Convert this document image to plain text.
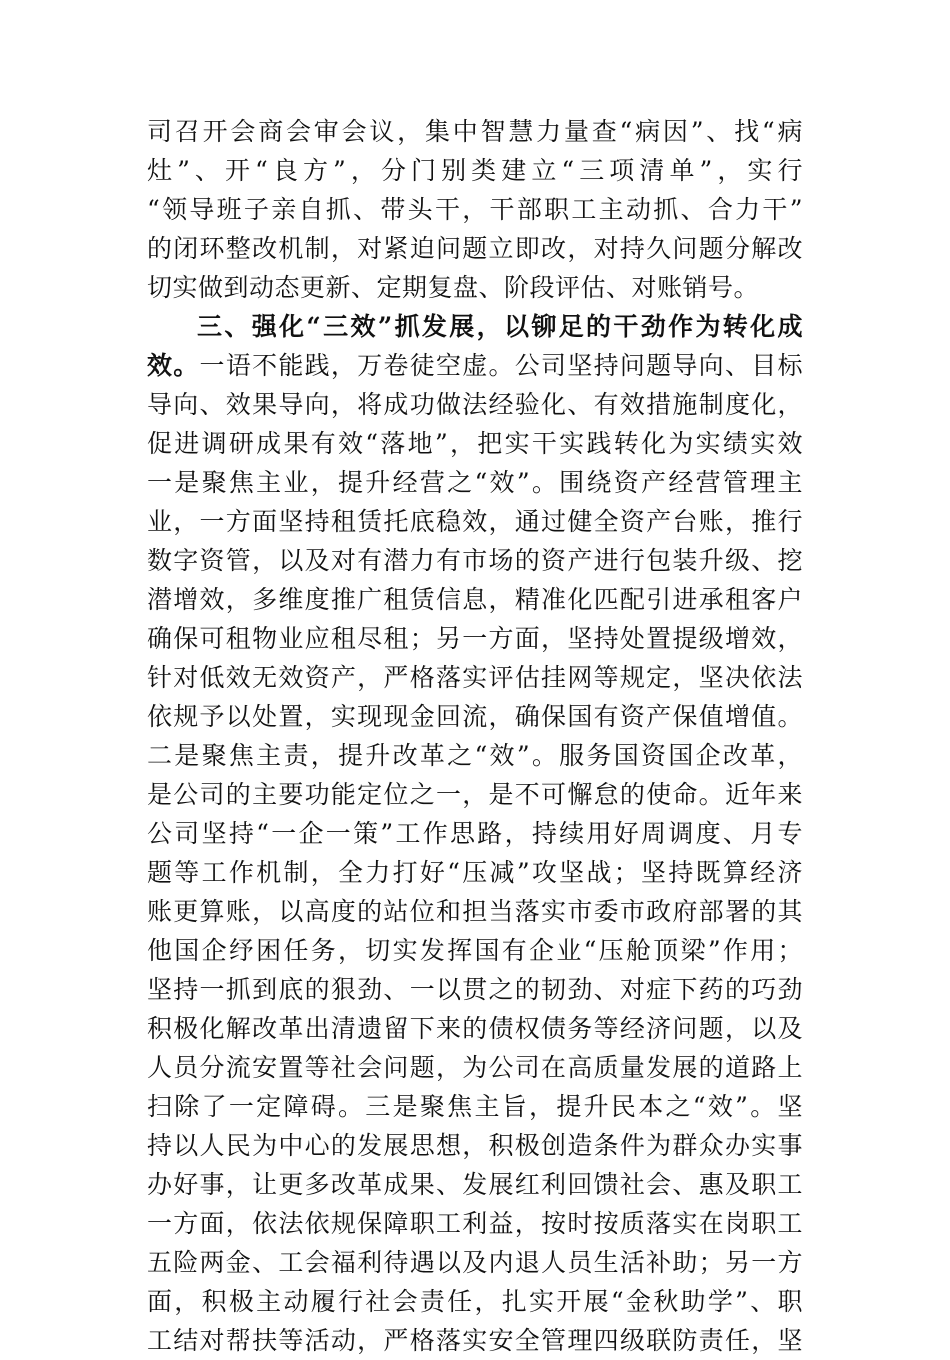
司召开会商会审会议，集中智慧力量查“病因”、找“病
灶”、开“良方”，分门别类建立“三项清单”，实行
“领导班子亲自抓、带头干，干部职工主动抓、合力干”
的闭环整改机制，对紧迫问题立即改，对持久问题分解改
切实做到动态更新、定期复盘、阶段评估、对账销号。
三、强化“三效”抓发展，以铆足的干劲作为转化成
效。一语不能践，万卷徒空虚。公司坚持问题导向、目标
导向、效果导向，将成功做法经验化、有效措施制度化，
促进调研成果有效“落地”，把实干实践转化为实绩实效
一是聚焦主业，提升经营之“效”。围绕资产经营管理主
业，一方面坚持租赁托底稳效，通过健全资产台账，推行
数字资管，以及对有潜力有市场的资产进行包装升级、挖
潜增效，多维度推广租赁信息，精准化匹配引进承租客户
确保可租物业应租尽租；另一方面，坚持处置提级增效，
针对低效无效资产，严格落实评估挂网等规定，坚决依法
依规予以处置，实现现金回流，确保国有资产保值增值。
二是聚焦主责，提升改革之“效”。服务国资国企改革，
是公司的主要功能定位之一，是不可懈怠的使命。近年来
公司坚持“一企一策”工作思路，持续用好周调度、月专
题等工作机制，全力打好“压减”攻坚战；坚持既算经济
账更算账，以高度的站位和担当落实市委市政府部署的其
他国企纾困任务，切实发挥国有企业“压舱顶梁”作用；
坚持一抓到底的狠劲、一以贯之的韧劲、对症下药的巧劲
积极化解改革出清遗留下来的债权债务等经济问题，以及
人员分流安置等社会问题，为公司在高质量发展的道路上
扫除了一定障碍。三是聚焦主旨，提升民本之“效”。坚
持以人民为中心的发展思想，积极创造条件为群众办实事
办好事，让更多改革成果、发展红利回馈社会、惠及职工
一方面，依法依规保障职工利益，按时按质落实在岗职工
五险两金、工会福利待遇以及内退人员生活补助；另一方
面，积极主动履行社会责任，扎实开展“金秋助学”、职
工结对帮扶等活动，严格落实安全管理四级联防责任，坚
